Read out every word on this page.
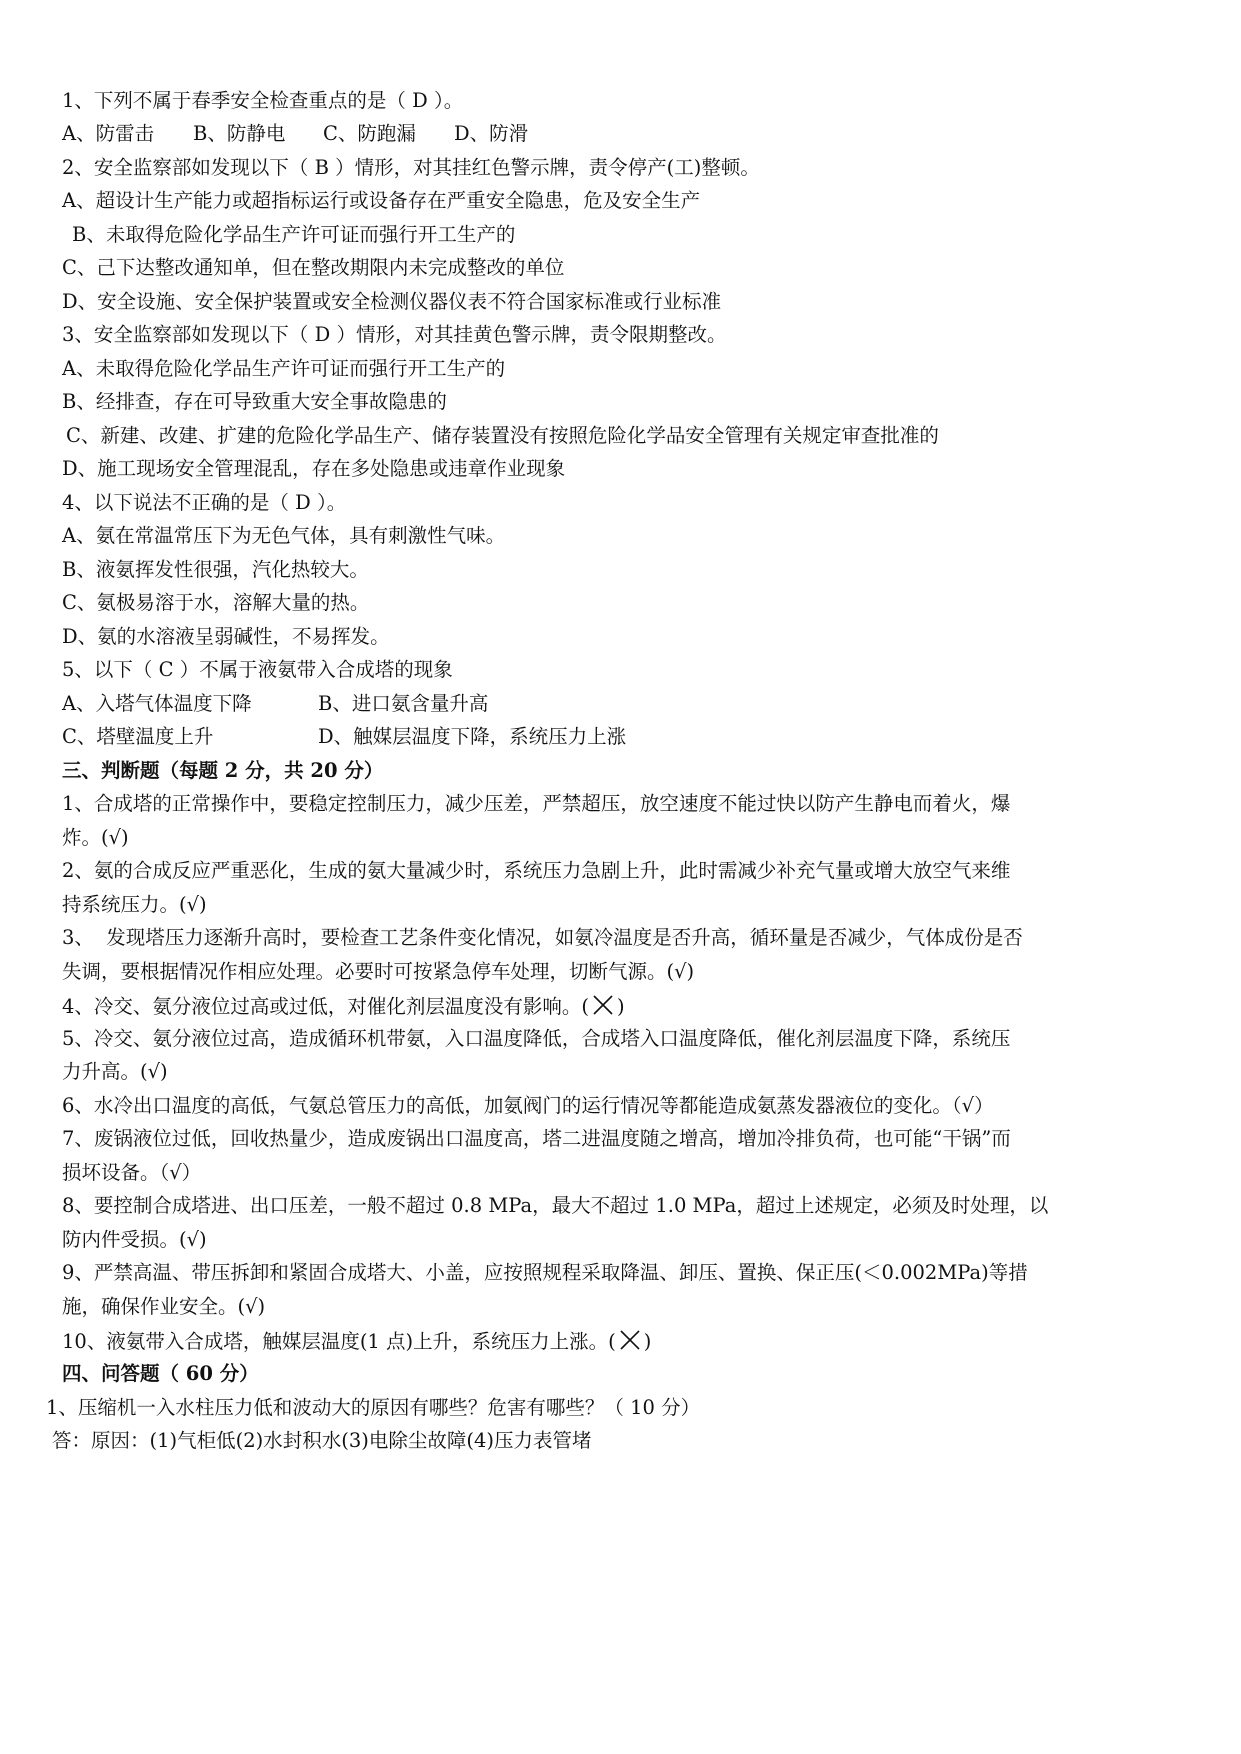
1、下列不属于春季安全检查重点的是（ D ）。
A、防雷击 B、防静电 C、防跑漏 D、防滑
2、安全监察部如发现以下（ B ）情形，对其挂红色警示牌，责令停产(工)整顿。
A、超设计生产能力或超指标运行或设备存在严重安全隐患，危及安全生产
B、未取得危险化学品生产许可证而强行开工生产的
C、己下达整改通知单，但在整改期限内未完成整改的单位
D、安全设施、安全保护装置或安全检测仪器仪表不符合国家标准或行业标准
3、安全监察部如发现以下（ D ）情形，对其挂黄色警示牌，责令限期整改。
A、未取得危险化学品生产许可证而强行开工生产的
B、经排查，存在可导致重大安全事故隐患的
C、新建、改建、扩建的危险化学品生产、储存装置没有按照危险化学品安全管理有关规定审查批准的
D、施工现场安全管理混乱，存在多处隐患或违章作业现象
4、以下说法不正确的是（ D ）。
A、氨在常温常压下为无色气体，具有刺激性气味。
B、液氨挥发性很强，汽化热较大。
C、氨极易溶于水，溶解大量的热。
D、氨的水溶液呈弱碱性，不易挥发。
5、以下（ C ）不属于液氨带入合成塔的现象
A、入塔气体温度下降	B、进口氨含量升高
C、塔壁温度上升	D、触媒层温度下降，系统压力上涨
三、判断题（每题 2 分，共 20 分）
1、合成塔的正常操作中，要稳定控制压力，减少压差，严禁超压，放空速度不能过快以防产生静电而着火，爆
炸。(√)
2、氨的合成反应严重恶化，生成的氨大量减少时，系统压力急剧上升，此时需减少补充气量或增大放空气来维
持系统压力。(√)
3、  发现塔压力逐渐升高时，要检查工艺条件变化情况，如氨冷温度是否升高，循环量是否减少，气体成份是否
失调，要根据情况作相应处理。必要时可按紧急停车处理，切断气源。(√)
4、冷交、氨分液位过高或过低，对催化剂层温度没有影响。( )
5、冷交、氨分液位过高，造成循环机带氨，入口温度降低，合成塔入口温度降低，催化剂层温度下降，系统压
力升高。(√)
6、水冷出口温度的高低，气氨总管压力的高低，加氨阀门的运行情况等都能造成氨蒸发器液位的变化。（√）
7、废锅液位过低，回收热量少，造成废锅出口温度高，塔二进温度随之增高，增加冷排负荷，也可能“干锅”而
损坏设备。（√）
8、要控制合成塔进、出口压差，一般不超过 0.8 MPa，最大不超过 1.0 MPa，超过上述规定，必须及时处理，以
防内件受损。(√)
9、严禁高温、带压拆卸和紧固合成塔大、小盖，应按照规程采取降温、卸压、置换、保正压(＜0.002MPa)等措
施，确保作业安全。(√)
10、液氨带入合成塔，触媒层温度(1 点)上升，系统压力上涨。( )
四、问答题（ 60 分）
1、压缩机一入水柱压力低和波动大的原因有哪些？危害有哪些？（ 10 分）
答：原因：(1)气柜低(2)水封积水(3)电除尘故障(4)压力表管堵
